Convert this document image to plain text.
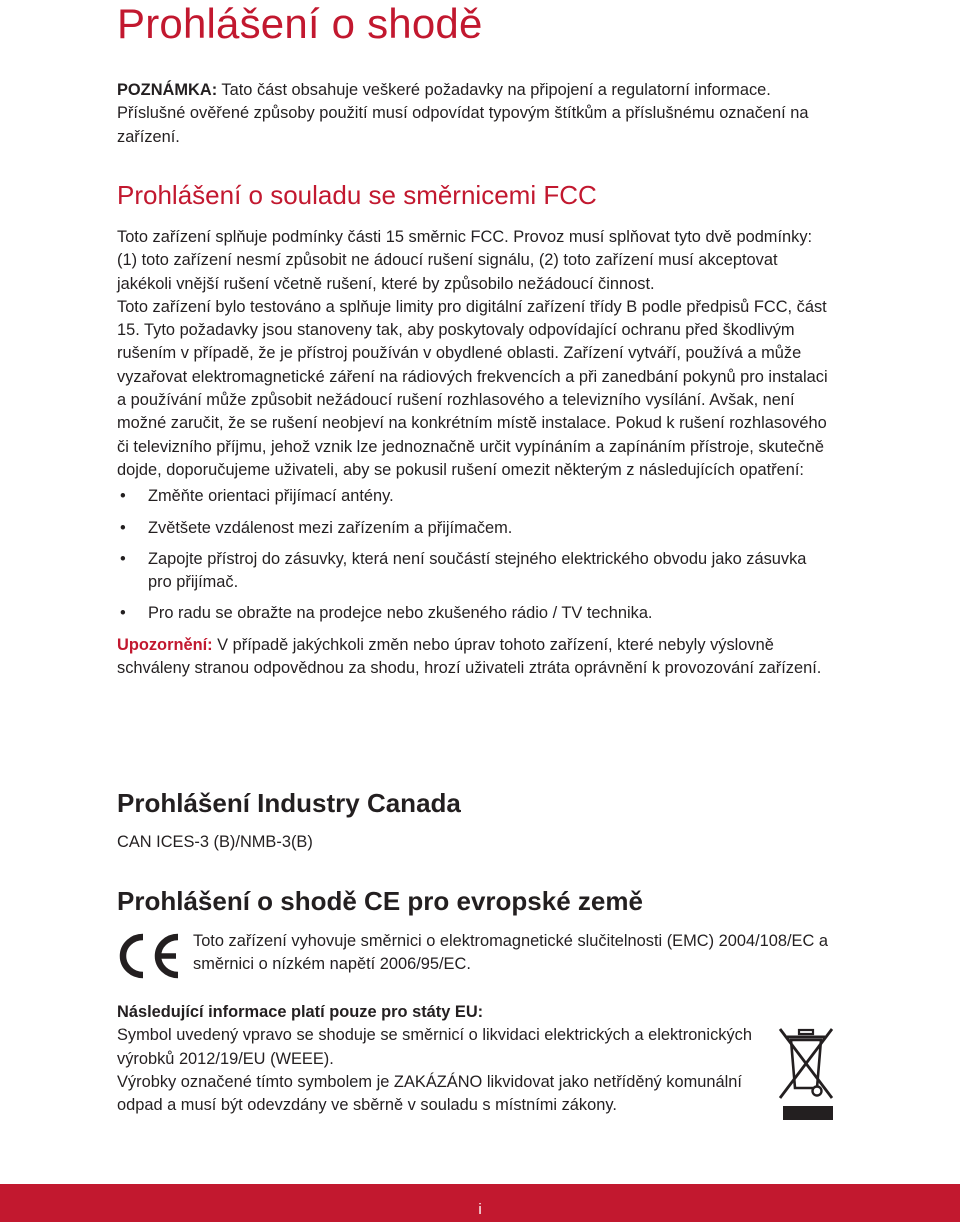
Prohlášení o shodě
POZNÁMKA: Tato část obsahuje veškeré požadavky na připojení a regulatorní informace. Příslušné ověřené způsoby použití musí odpovídat typovým štítkům a příslušnému označení na zařízení.
Prohlášení o souladu se směrnicemi FCC

Toto zařízení splňuje podmínky části 15 směrnic FCC. Provoz musí splňovat tyto dvě podmínky: (1) toto zařízení nesmí způsobit ne ádoucí rušení signálu, (2) toto zařízení musí akceptovat jakékoli vnější rušení včetně rušení, které by způsobilo nežádoucí činnost.

Toto zařízení bylo testováno a splňuje limity pro digitální zařízení třídy B podle předpisů FCC, část 15. Tyto požadavky jsou stanoveny tak, aby poskytovaly odpovídající ochranu před škodlivým rušením v případě, že je přístroj používán v obydlené oblasti. Zařízení vytváří, používá a může vyzařovat elektromagnetické záření na rádiových frekvencích a při zanedbání pokynů pro instalaci a používání může způsobit nežádoucí rušení rozhlasového a televizního vysílání. Avšak, není možné zaručit, že se rušení neobjeví na konkrétním místě instalace. Pokud k rušení rozhlasového či televizního příjmu, jehož vznik lze jednoznačně určit vypínáním a zapínáním přístroje, skutečně dojde, doporučujeme uživateli, aby se pokusil rušení omezit některým z následujících opatření:

• Změňte orientaci přijímací antény.
• Zvětšete vzdálenost mezi zařízením a přijímačem.
• Zapojte přístroj do zásuvky, která není součástí stejného elektrického obvodu jako zásuvka pro přijímač.
• Pro radu se obražte na prodejce nebo zkušeného rádio / TV technika.

Upozornění: V případě jakýchkoli změn nebo úprav tohoto zařízení, které nebyly výslovně schváleny stranou odpovědnou za shodu, hrozí uživateli ztráta oprávnění k provozování zařízení.

Prohlášení Industry Canada
CAN ICES-3 (B)/NMB-3(B)
Prohlášení o shodě CE pro evropské země
Toto zařízení vyhovuje směrnici o elektromagnetické slučitelnosti (EMC) 2004/108/EC a směrnici o nízkém napětí 2006/95/EC.
Následující informace platí pouze pro státy EU:
Symbol uvedený vpravo se shoduje se směrnicí o likvidaci elektrických a elektronických výrobků 2012/19/EU (WEEE).
Výrobky označené tímto symbolem je ZAKÁZÁNO likvidovat jako netříděný komunální odpad a musí být odevzdány ve sběrně v souladu s místními zákony.
i
